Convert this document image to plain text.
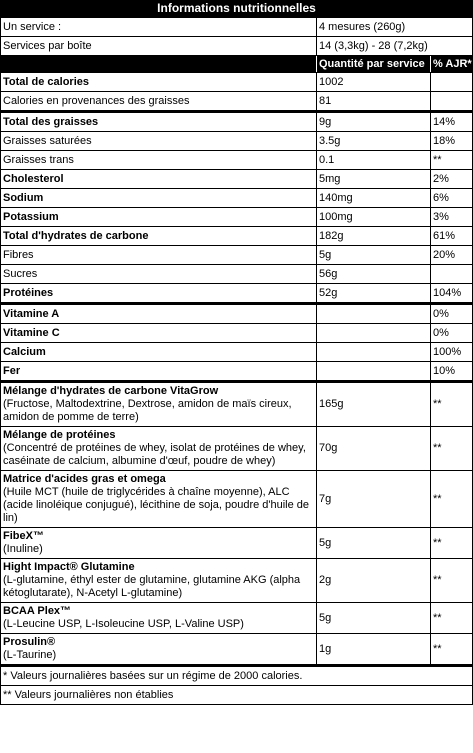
Informations nutritionnelles		
Un service :	4 mesures (260g)	
Services par boîte	14 (3,3kg) - 28 (7,2kg)	
	Quantité par service	% AJR*
Total de calories	1002	
Calories en provenances des graisses	81	
Total des graisses	9g	14%
Graisses saturées	3.5g	18%
Graisses trans	0.1	**
Cholesterol	5mg	2%
Sodium	140mg	6%
Potassium	100mg	3%
Total d'hydrates de carbone	182g	61%
Fibres	5g	20%
Sucres	56g	
Protéines	52g	104%
Vitamine A		0%
Vitamine C		0%
Calcium		100%
Fer		10%

Mélange d'hydrates de carbone VitaGrow
(Fructose, Maltodextrine, Dextrose, amidon de maïs cireux, amidon de pomme de terre)	165g	**

Mélange de protéines
(Concentré de protéines de whey, isolat de protéines de whey, caséinate de calcium, albumine d'œuf, poudre de whey)	70g	**

Matrice d'acides gras et omega
(Huile MCT (huile de triglycérides à chaîne moyenne), ALC (acide linoléique conjugué), lécithine de soja, poudre d'huile de lin)	7g	**

FibeX™
(Inuline)	5g	**

Hight Impact® Glutamine
(L-glutamine, éthyl ester de glutamine, glutamine AKG (alpha kétoglutarate), N-Acetyl L-glutamine)	2g	**

BCAA Plex™
(L-Leucine USP, L-Isoleucine USP, L-Valine USP)	5g	**

Prosulin®
(L-Taurine)	1g	**
* Valeurs journalières basées sur un régime de 2000 calories.		
** Valeurs journalières non établies		
